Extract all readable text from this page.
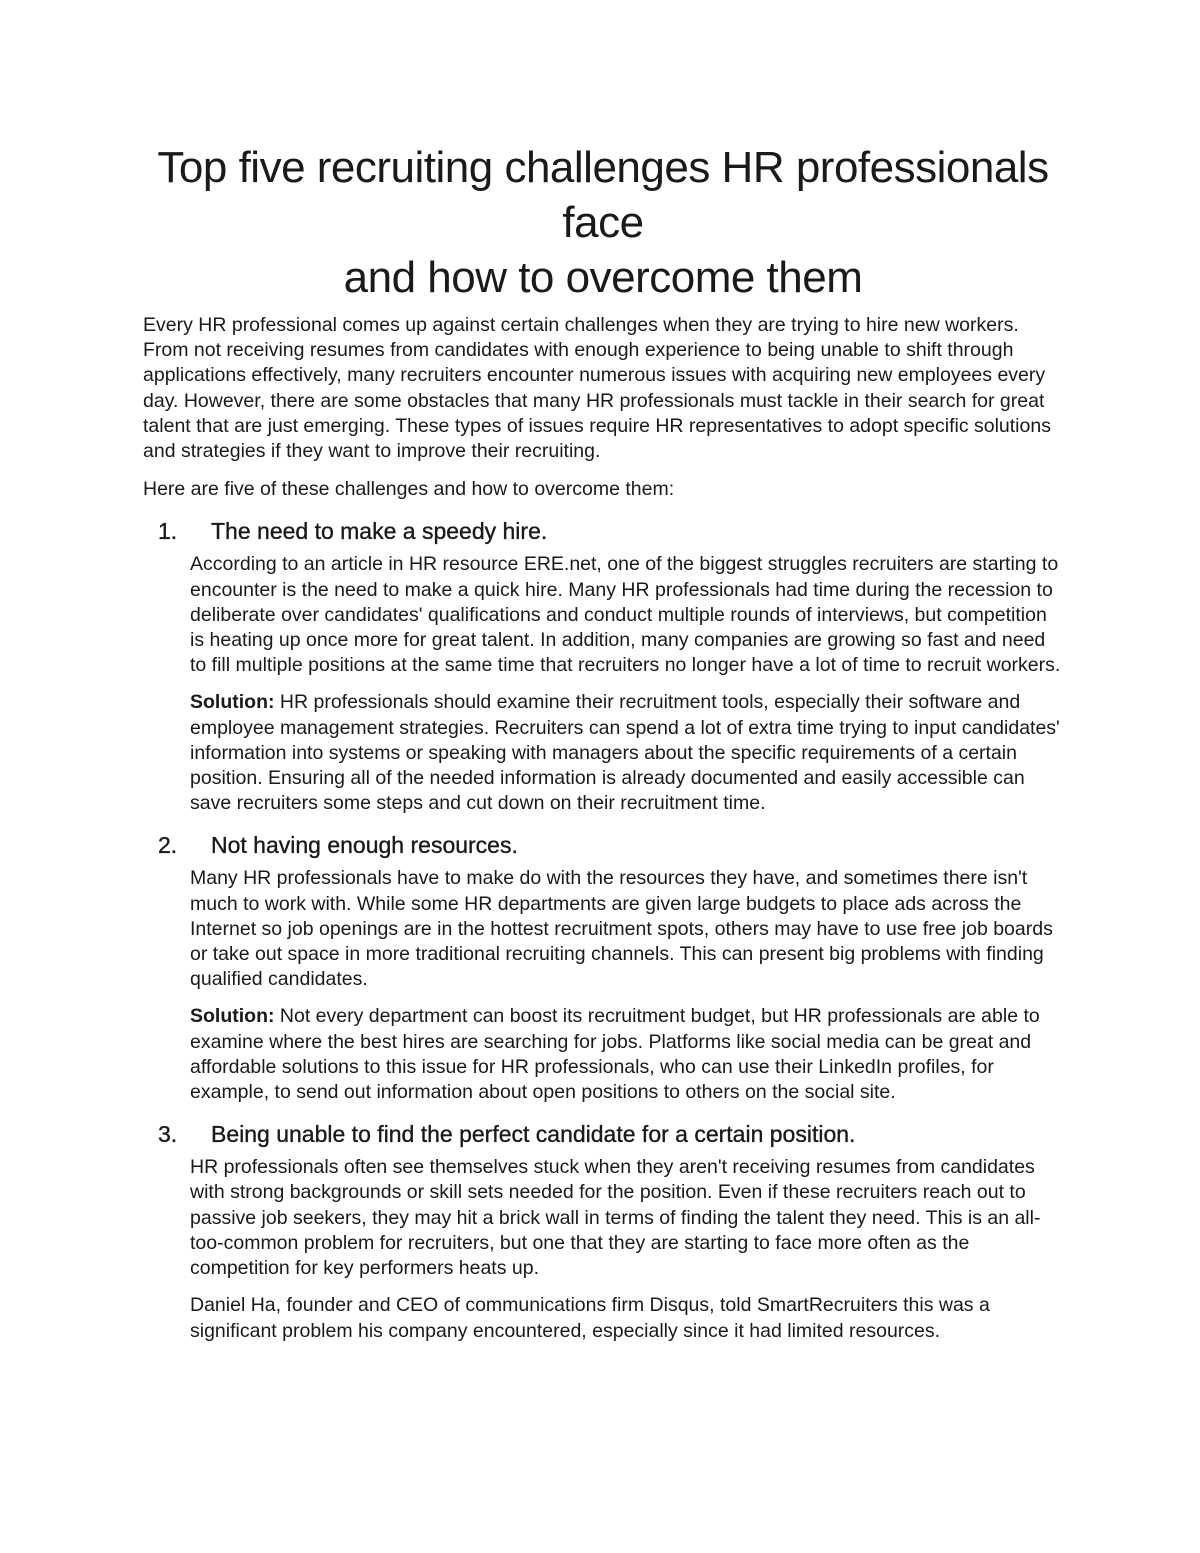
Top five recruiting challenges HR professionals face
and how to overcome them

Every HR professional comes up against certain challenges when they are trying to hire new workers. From not receiving resumes from candidates with enough experience to being unable to shift through applications effectively, many recruiters encounter numerous issues with acquiring new employees every day. However, there are some obstacles that many HR professionals must tackle in their search for great talent that are just emerging. These types of issues require HR representatives to adopt specific solutions and strategies if they want to improve their recruiting.

Here are five of these challenges and how to overcome them:

1.	The need to make a speedy hire.

According to an article in HR resource ERE.net, one of the biggest struggles recruiters are starting to encounter is the need to make a quick hire. Many HR professionals had time during the recession to deliberate over candidates' qualifications and conduct multiple rounds of interviews, but competition is heating up once more for great talent. In addition, many companies are growing so fast and need to fill multiple positions at the same time that recruiters no longer have a lot of time to recruit workers.

Solution: HR professionals should examine their recruitment tools, especially their software and employee management strategies. Recruiters can spend a lot of extra time trying to input candidates' information into systems or speaking with managers about the specific requirements of a certain position. Ensuring all of the needed information is already documented and easily accessible can save recruiters some steps and cut down on their recruitment time.

2.	Not having enough resources.

Many HR professionals have to make do with the resources they have, and sometimes there isn't much to work with. While some HR departments are given large budgets to place ads across the Internet so job openings are in the hottest recruitment spots, others may have to use free job boards or take out space in more traditional recruiting channels. This can present big problems with finding qualified candidates.

Solution: Not every department can boost its recruitment budget, but HR professionals are able to examine where the best hires are searching for jobs. Platforms like social media can be great and affordable solutions to this issue for HR professionals, who can use their LinkedIn profiles, for example, to send out information about open positions to others on the social site.

3.	Being unable to find the perfect candidate for a certain position.

HR professionals often see themselves stuck when they aren't receiving resumes from candidates with strong backgrounds or skill sets needed for the position. Even if these recruiters reach out to passive job seekers, they may hit a brick wall in terms of finding the talent they need. This is an all-too-common problem for recruiters, but one that they are starting to face more often as the competition for key performers heats up.

Daniel Ha, founder and CEO of communications firm Disqus, told SmartRecruiters this was a significant problem his company encountered, especially since it had limited resources.
